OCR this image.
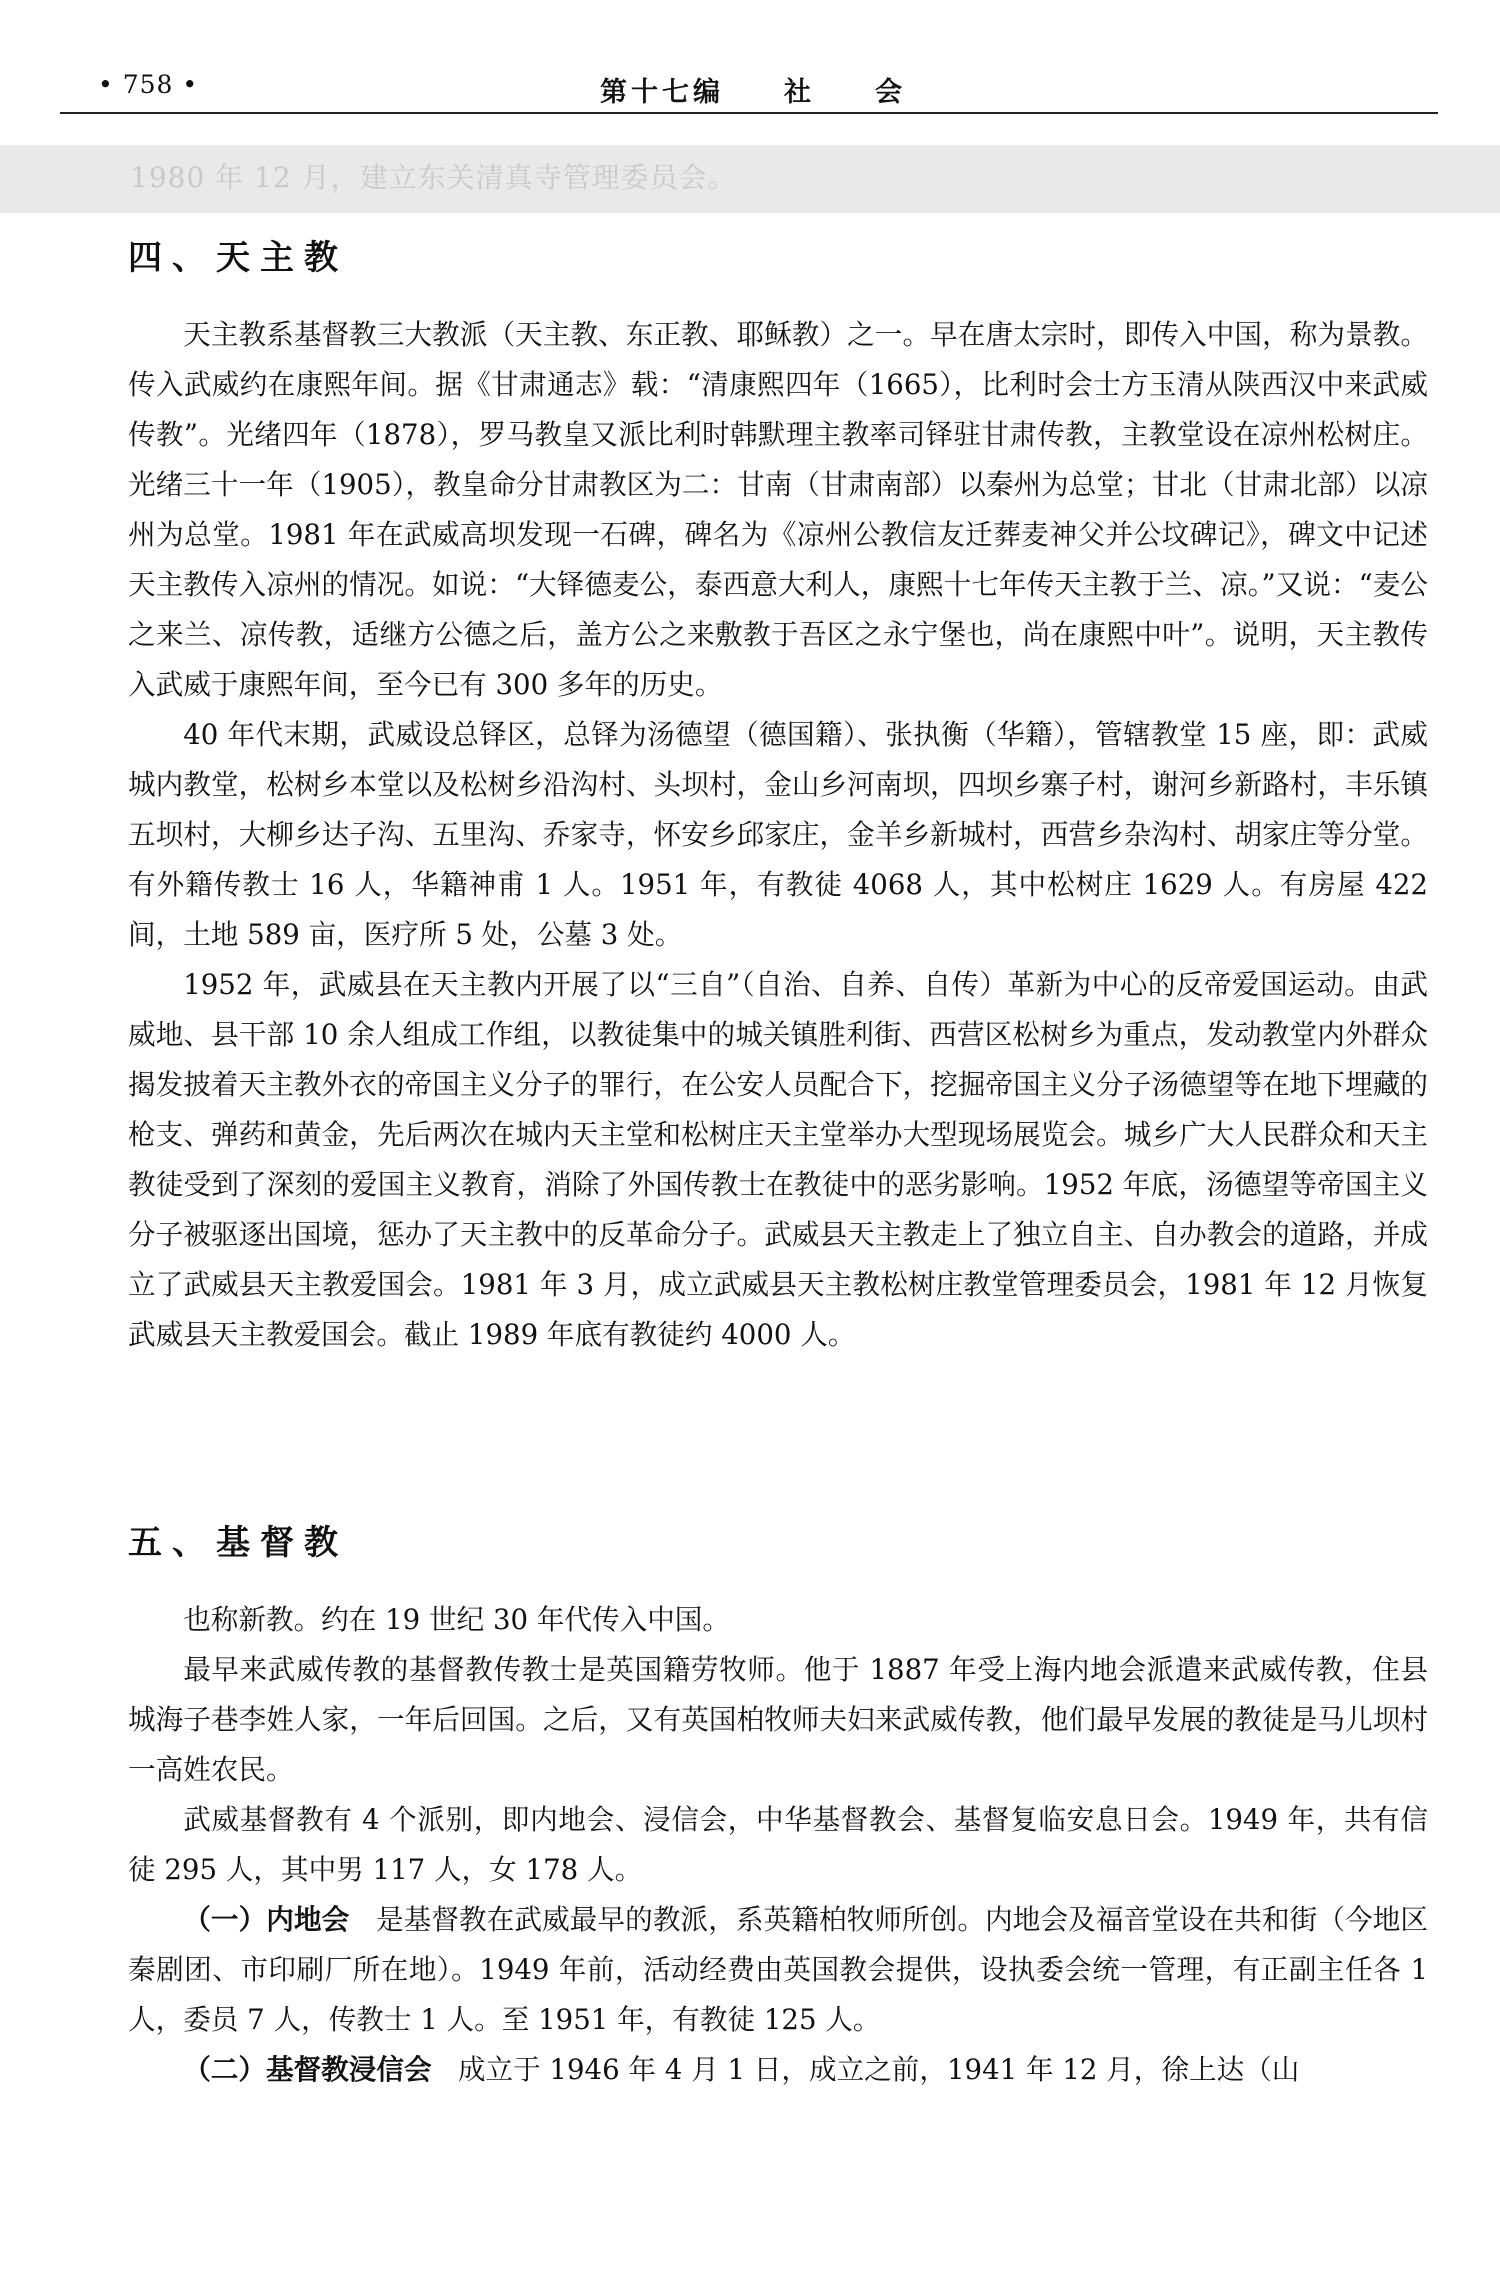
• 758 •	第十七编 社 会
1980 年 12 月，建立东关清真寺管理委员会。
四、天主教

天主教系基督教三大教派（天主教、东正教、耶稣教）之一。早在唐太宗时，即传入中国，称为景教。传入武威约在康熙年间。据《甘肃通志》载：“清康熙四年（1665），比利时会士方玉清从陕西汉中来武威传教”。光绪四年（1878），罗马教皇又派比利时韩默理主教率司铎驻甘肃传教，主教堂设在凉州松树庄。光绪三十一年（1905），教皇命分甘肃教区为二：甘南（甘肃南部）以秦州为总堂；甘北（甘肃北部）以凉州为总堂。1981 年在武威高坝发现一石碑，碑名为《凉州公教信友迁葬麦神父并公坟碑记》，碑文中记述天主教传入凉州的情况。如说：“大铎德麦公，泰西意大利人，康熙十七年传天主教于兰、凉。”又说：“麦公之来兰、凉传教，适继方公德之后，盖方公之来敷教于吾区之永宁堡也，尚在康熙中叶”。说明，天主教传入武威于康熙年间，至今已有 300 多年的历史。

40 年代末期，武威设总铎区，总铎为汤德望（德国籍）、张执衡（华籍），管辖教堂 15 座，即：武威城内教堂，松树乡本堂以及松树乡沿沟村、头坝村，金山乡河南坝，四坝乡寨子村，谢河乡新路村，丰乐镇五坝村，大柳乡达子沟、五里沟、乔家寺，怀安乡邱家庄，金羊乡新城村，西营乡杂沟村、胡家庄等分堂。有外籍传教士 16 人，华籍神甫 1 人。1951 年，有教徒 4068 人，其中松树庄 1629 人。有房屋 422 间，土地 589 亩，医疗所 5 处，公墓 3 处。

1952 年，武威县在天主教内开展了以“三自”（自治、自养、自传）革新为中心的反帝爱国运动。由武威地、县干部 10 余人组成工作组，以教徒集中的城关镇胜利街、西营区松树乡为重点，发动教堂内外群众揭发披着天主教外衣的帝国主义分子的罪行，在公安人员配合下，挖掘帝国主义分子汤德望等在地下埋藏的枪支、弹药和黄金，先后两次在城内天主堂和松树庄天主堂举办大型现场展览会。城乡广大人民群众和天主教徒受到了深刻的爱国主义教育，消除了外国传教士在教徒中的恶劣影响。1952 年底，汤德望等帝国主义分子被驱逐出国境，惩办了天主教中的反革命分子。武威县天主教走上了独立自主、自办教会的道路，并成立了武威县天主教爱国会。1981 年 3 月，成立武威县天主教松树庄教堂管理委员会，1981 年 12 月恢复武威县天主教爱国会。截止 1989 年底有教徒约 4000 人。

五、基督教

也称新教。约在 19 世纪 30 年代传入中国。

最早来武威传教的基督教传教士是英国籍劳牧师。他于 1887 年受上海内地会派遣来武威传教，住县城海子巷李姓人家，一年后回国。之后，又有英国柏牧师夫妇来武威传教，他们最早发展的教徒是马儿坝村一高姓农民。

武威基督教有 4 个派别，即内地会、浸信会，中华基督教会、基督复临安息日会。1949 年，共有信徒 295 人，其中男 117 人，女 178 人。

（一）内地会 是基督教在武威最早的教派，系英籍柏牧师所创。内地会及福音堂设在共和街（今地区秦剧团、市印刷厂所在地）。1949 年前，活动经费由英国教会提供，设执委会统一管理，有正副主任各 1 人，委员 7 人，传教士 1 人。至 1951 年，有教徒 125 人。

（二）基督教浸信会 成立于 1946 年 4 月 1 日，成立之前，1941 年 12 月，徐上达（山
